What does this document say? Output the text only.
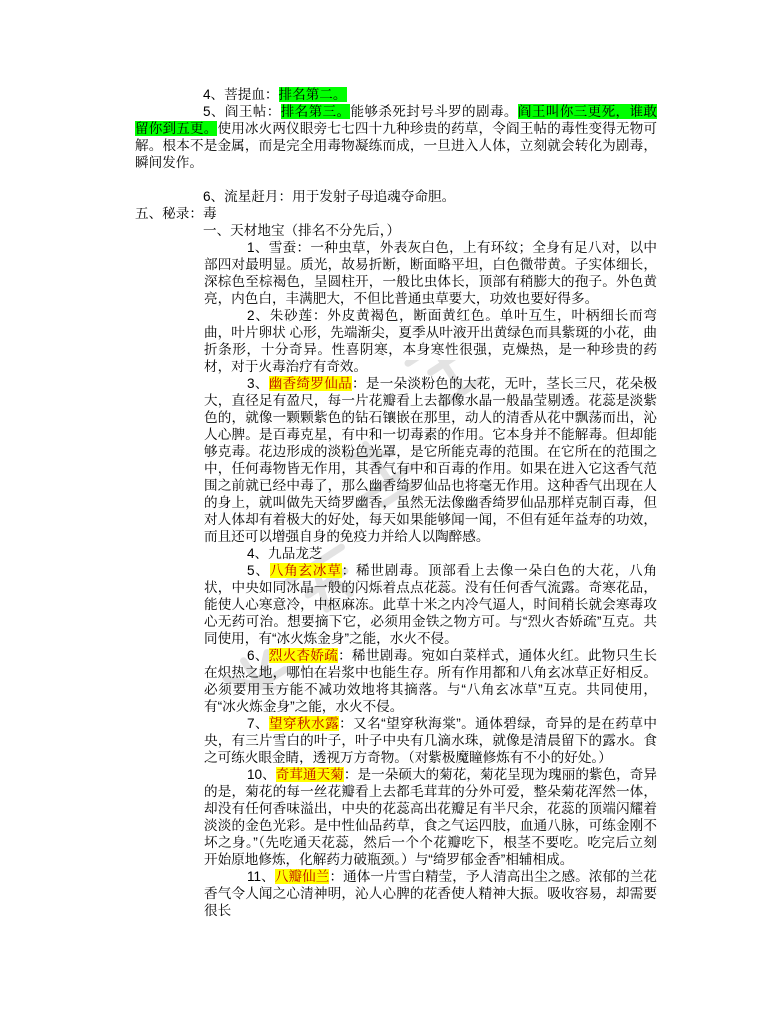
4、菩提血：排名第二。

5、阎王帖：排名第三。能够杀死封号斗罗的剧毒。阎王叫你三更死，谁敢留你到五更。使用冰火两仪眼旁七七四十九种珍贵的药草，令阎王帖的毒性变得无物可解。根本不是金属，而是完全用毒物凝练而成，一旦进入人体，立刻就会转化为剧毒，瞬间发作。

6、流星赶月：用于发射子母追魂夺命胆。

五、秘录：毒

一、天材地宝（排名不分先后，）

1、雪蚕：一种虫草，外表灰白色，上有环纹；全身有足八对，以中部四对最明显。质光，故易折断，断面略平坦，白色微带黄。子实体细长，深棕色至棕褐色，呈圆柱开，一般比虫体长，顶部有稍膨大的孢子。外色黄亮，内色白，丰满肥大，不但比普通虫草要大，功效也要好得多。

2、朱砂莲：外皮黄褐色，断面黄红色。单叶互生，叶柄细长而弯曲，叶片卵状 心形，先端渐尖，夏季从叶液开出黄绿色而具紫斑的小花，曲折条形，十分奇异。性喜阴寒，本身寒性很强，克燥热，是一种珍贵的药材，对于火毒治疗有奇效。

3、幽香绮罗仙品：是一朵淡粉色的大花，无叶，茎长三尺，花朵极大，直径足有盈尺，每一片花瓣看上去都像水晶一般晶莹剔透。花蕊是淡紫色的，就像一颗颗紫色的钻石镶嵌在那里，动人的清香从花中飘荡而出，沁人心脾。是百毒克星，有中和一切毒素的作用。它本身并不能解毒。但却能够克毒。花边形成的淡粉色光罩，是它所能克毒的范围。在它所在的范围之中，任何毒物皆无作用，其香气有中和百毒的作用。如果在进入它这香气范围之前就已经中毒了，那么幽香绮罗仙品也将毫无作用。这种香气出现在人的身上，就叫做先天绮罗幽香，虽然无法像幽香绮罗仙品那样克制百毒，但对人体却有着极大的好处，每天如果能够闻一闻，不但有延年益寿的功效，而且还可以增强自身的免疫力并给人以陶醉感。

4、九品龙芝

5、八角玄冰草：稀世剧毒。顶部看上去像一朵白色的大花，八角状，中央如同冰晶一般的闪烁着点点花蕊。没有任何香气流露。奇寒花品，能使人心寒意冷，中枢麻冻。此草十米之内冷气逼人，时间稍长就会寒毒攻心无药可治。想要摘下它，必须用金铁之物方可。与“烈火杏娇疏”互克。共同使用，有“冰火炼金身”之能，水火不侵。

6、烈火杏娇疏：稀世剧毒。宛如白菜样式，通体火红。此物只生长在炽热之地，哪怕在岩浆中也能生存。所有作用都和八角玄冰草正好相反。必须要用玉方能不减功效地将其摘落。与“八角玄冰草”互克。共同使用，有“冰火炼金身”之能，水火不侵。

7、望穿秋水露：又名“望穿秋海棠”。通体碧绿，奇异的是在药草中央，有三片雪白的叶子，叶子中央有几滴水珠，就像是清晨留下的露水。食之可练火眼金睛，透视万方奇物。（对紫极魔瞳修炼有不小的好处。）

10、奇茸通天菊：是一朵硕大的菊花，菊花呈现为瑰丽的紫色，奇异的是，菊花的每一丝花瓣看上去都毛茸茸的分外可爱，整朵菊花浑然一体，却没有任何香味溢出，中央的花蕊高出花瓣足有半尺余，花蕊的顶端闪耀着淡淡的金色光彩。是中性仙品药草，食之气运四肢，血通八脉，可练金刚不坏之身。”（先吃通天花蕊，然后一个个花瓣吃下，根茎不要吃。吃完后立刻开始原地修炼，化解药力破瓶颈。）与“绮罗郁金香”相辅相成。

11、八瓣仙兰：通体一片雪白精莹，予人清高出尘之感。浓郁的兰花香气令人闻之心清神明，沁人心脾的花香使人精神大振。吸收容易，却需要很长
